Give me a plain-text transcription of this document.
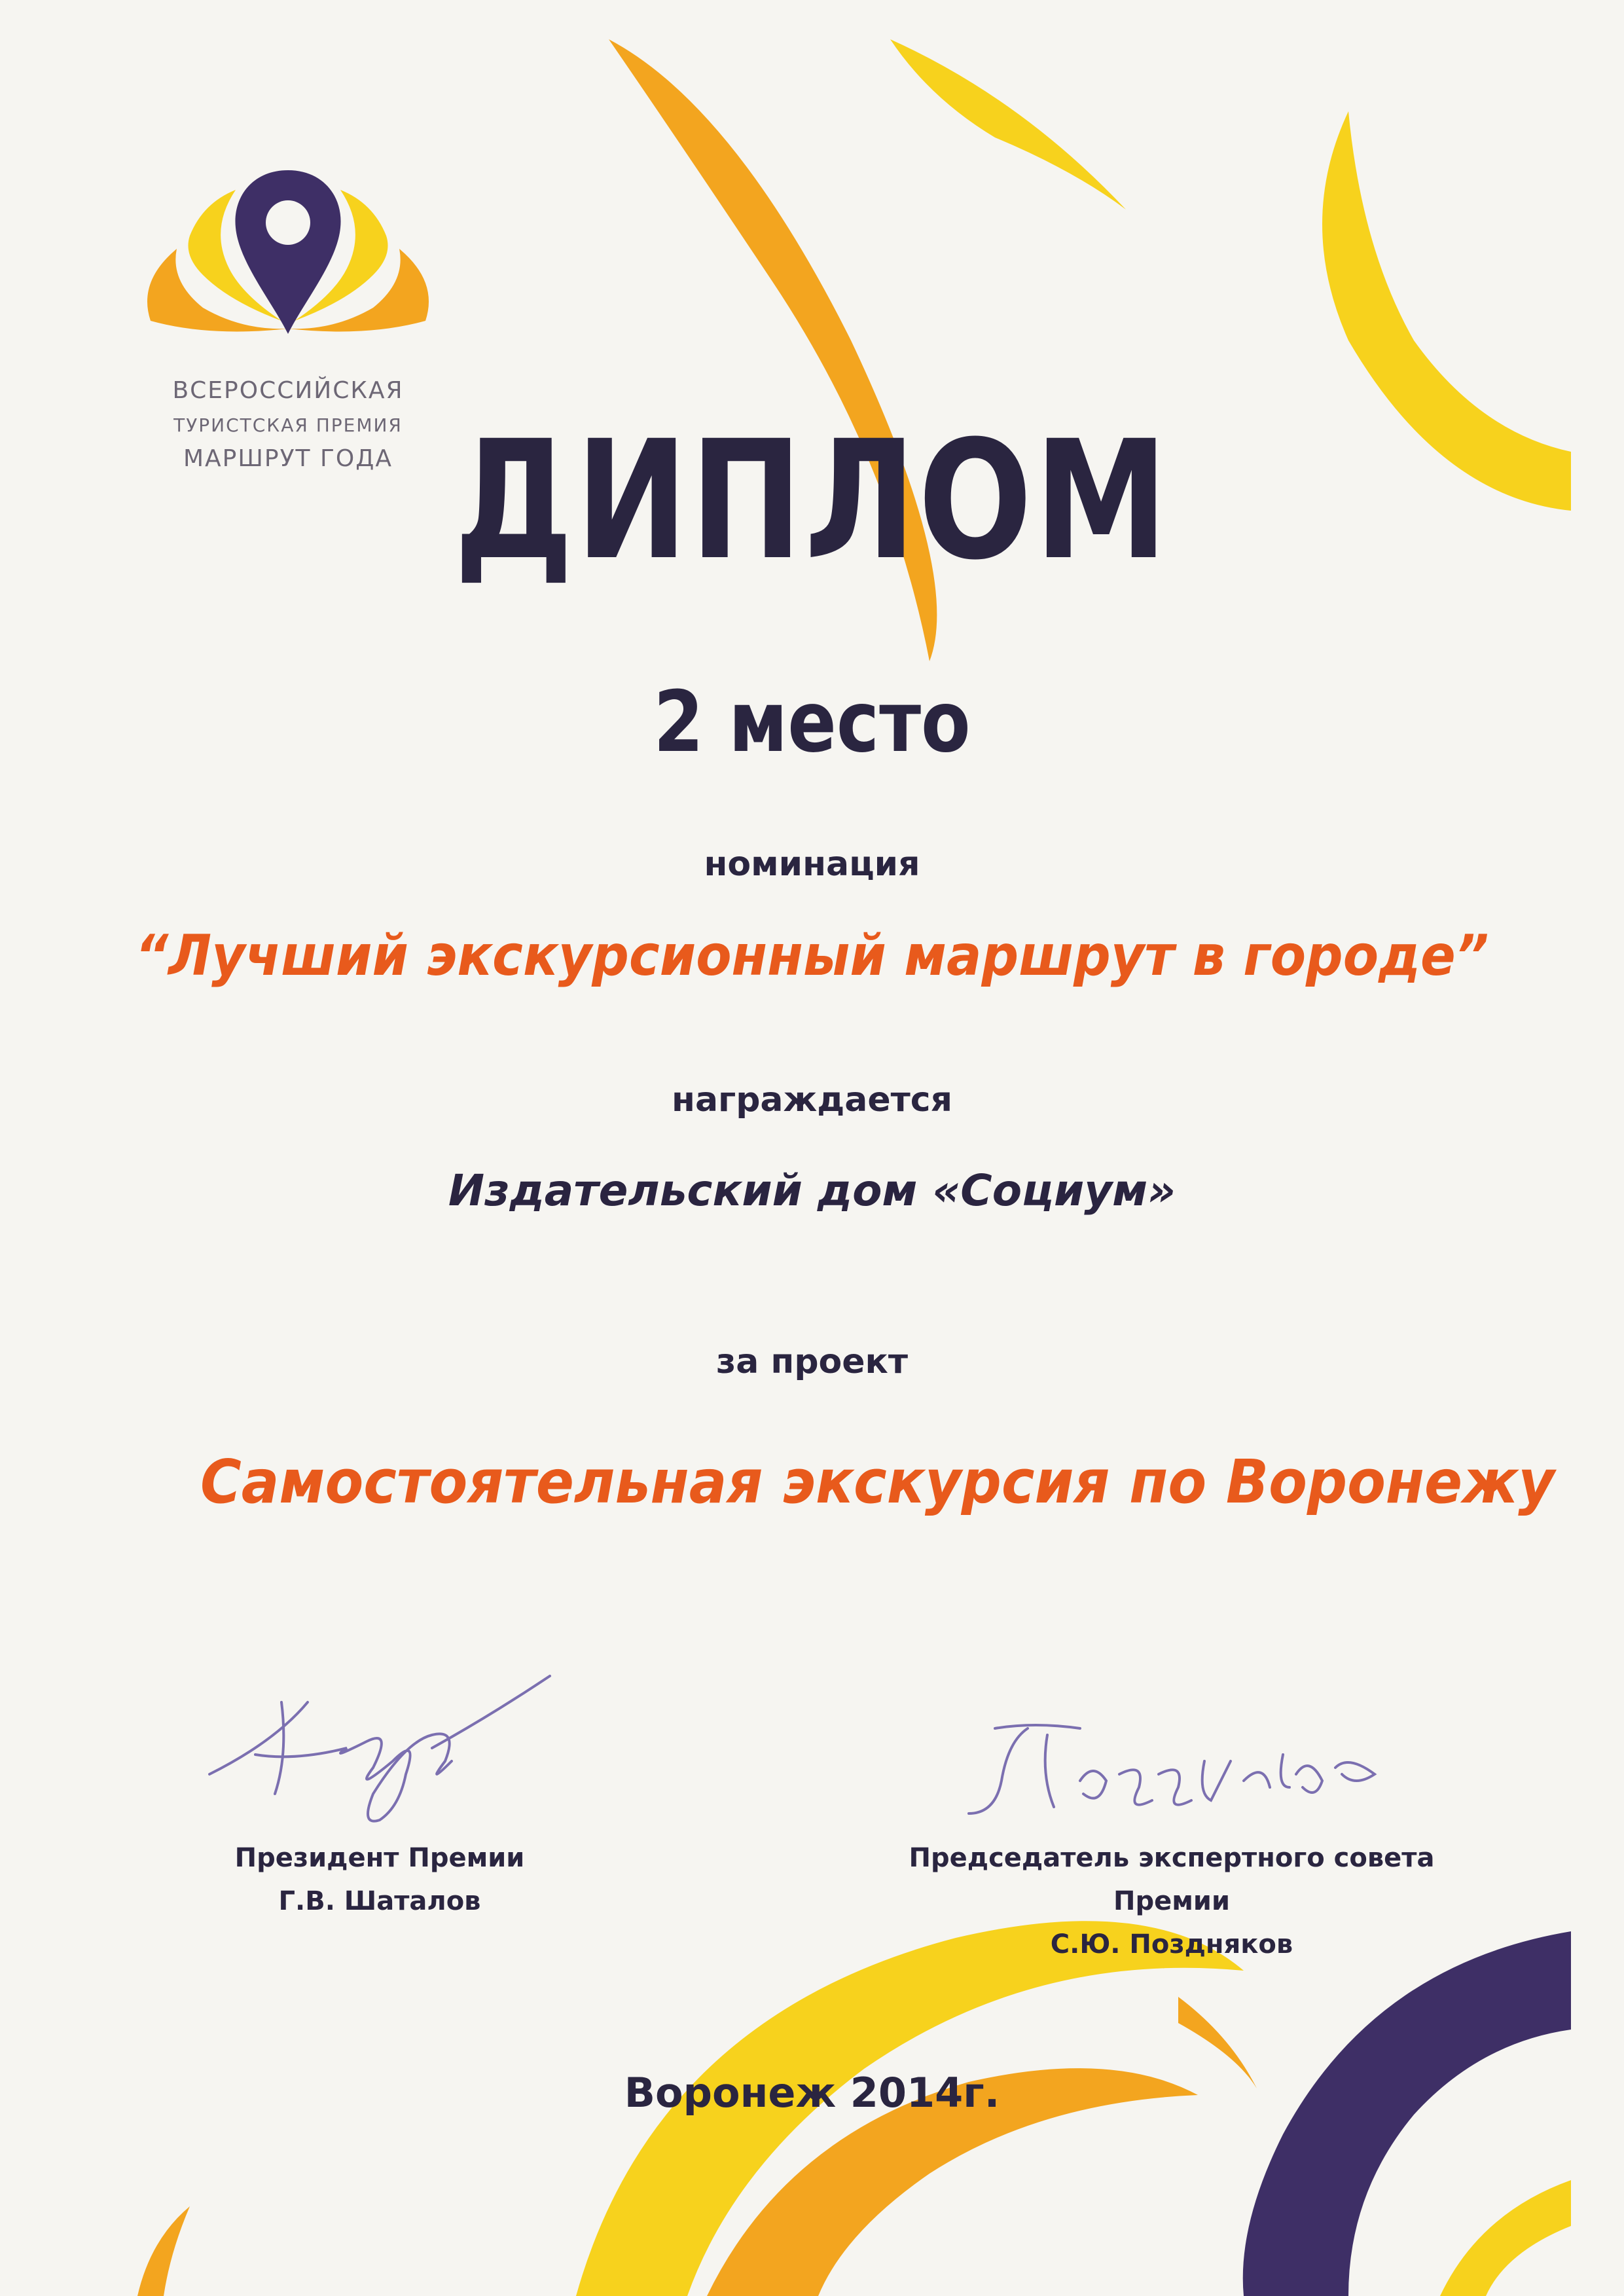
ВСЕРОССИЙСКАЯ
ТУРИСТСКАЯ ПРЕМИЯ
МАРШРУТ ГОДА ДИПЛОМ
2 место
номинация
“Лучший экскурсионный маршрут в городе”
награждается
Издательский дом «Социум»
за проект
Самостоятельная экскурсия по Воронежу
Президент Премии
Г.В. Шаталов
Председатель экспертного совета Премии
С.Ю. Поздняков
Воронеж 2014г.
